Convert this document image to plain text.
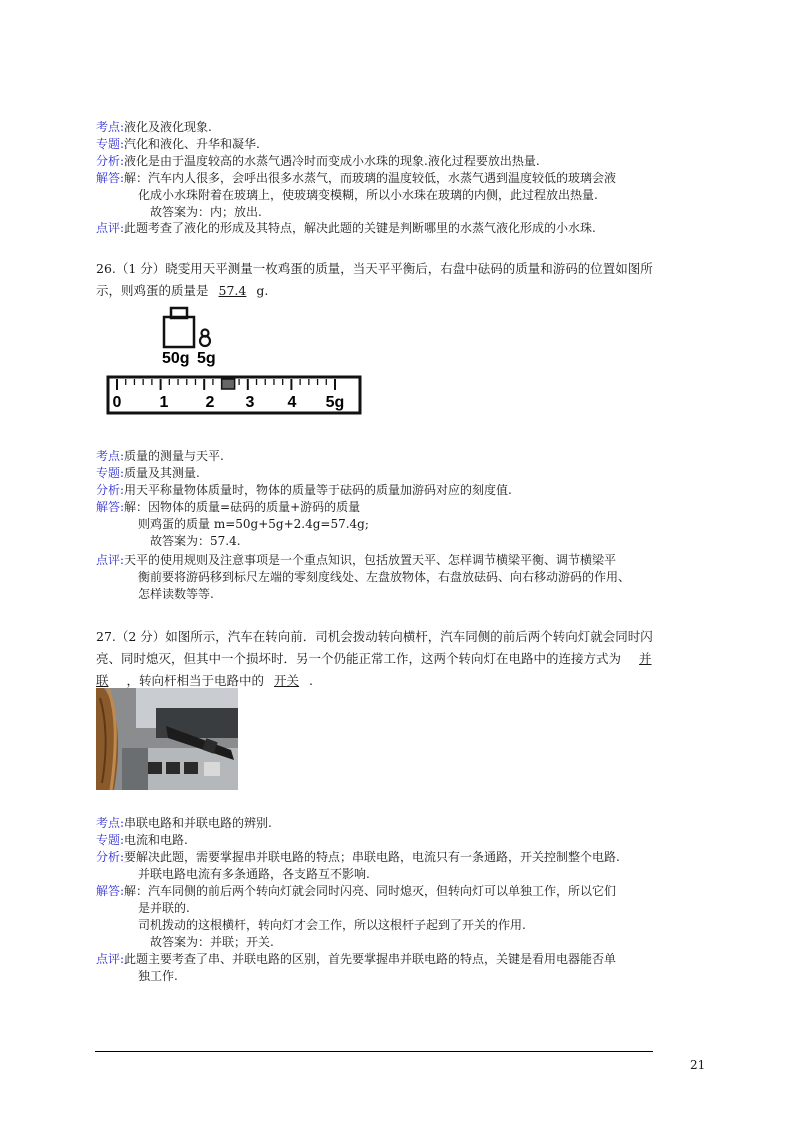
考点:液化及液化现象.
专题:汽化和液化、升华和凝华.
分析:液化是由于温度较高的水蒸气遇冷时而变成小水珠的现象.液化过程要放出热量.
解答:解：汽车内人很多，会呼出很多水蒸气，而玻璃的温度较低，水蒸气遇到温度较低的玻璃会液
化成小水珠附着在玻璃上，使玻璃变模糊，所以小水珠在玻璃的内侧，此过程放出热量.
故答案为：内；放出.
点评:此题考查了液化的形成及其特点，解决此题的关键是判断哪里的水蒸气液化形成的小水珠.
26.（1 分）晓雯用天平测量一枚鸡蛋的质量，当天平平衡后，右盘中砝码的质量和游码的位置如图所
示，则鸡蛋的质量是 57.4 g.
50g 5g
0 1 2 3 4 5g
考点:质量的测量与天平.
专题:质量及其测量.
分析:用天平称量物体质量时，物体的质量等于砝码的质量加游码对应的刻度值.
解答:解：因物体的质量=砝码的质量+游码的质量
则鸡蛋的质量 m=50g+5g+2.4g=57.4g;
故答案为：57.4.
点评:天平的使用规则及注意事项是一个重点知识，包括放置天平、怎样调节横梁平衡、调节横梁平
衡前要将游码移到标尺左端的零刻度线处、左盘放物体，右盘放砝码、向右移动游码的作用、
怎样读数等等.
27.（2 分）如图所示，汽车在转向前．司机会拨动转向横杆，汽车同侧的前后两个转向灯就会同时闪
亮、同时熄灭，但其中一个损坏时．另一个仍能正常工作，这两个转向灯在电路中的连接方式为 并
联 ，转向杆相当于电路中的 开关 .
考点:串联电路和并联电路的辨别.
专题:电流和电路.
分析:要解决此题，需要掌握串并联电路的特点；串联电路，电流只有一条通路，开关控制整个电路.
并联电路电流有多条通路，各支路互不影响.
解答:解：汽车同侧的前后两个转向灯就会同时闪亮、同时熄灭，但转向灯可以单独工作，所以它们
是并联的.
司机拨动的这根横杆，转向灯才会工作，所以这根杆子起到了开关的作用.
故答案为：并联；开关.
点评:此题主要考查了串、并联电路的区别，首先要掌握串并联电路的特点，关键是看用电器能否单
独工作.
21
